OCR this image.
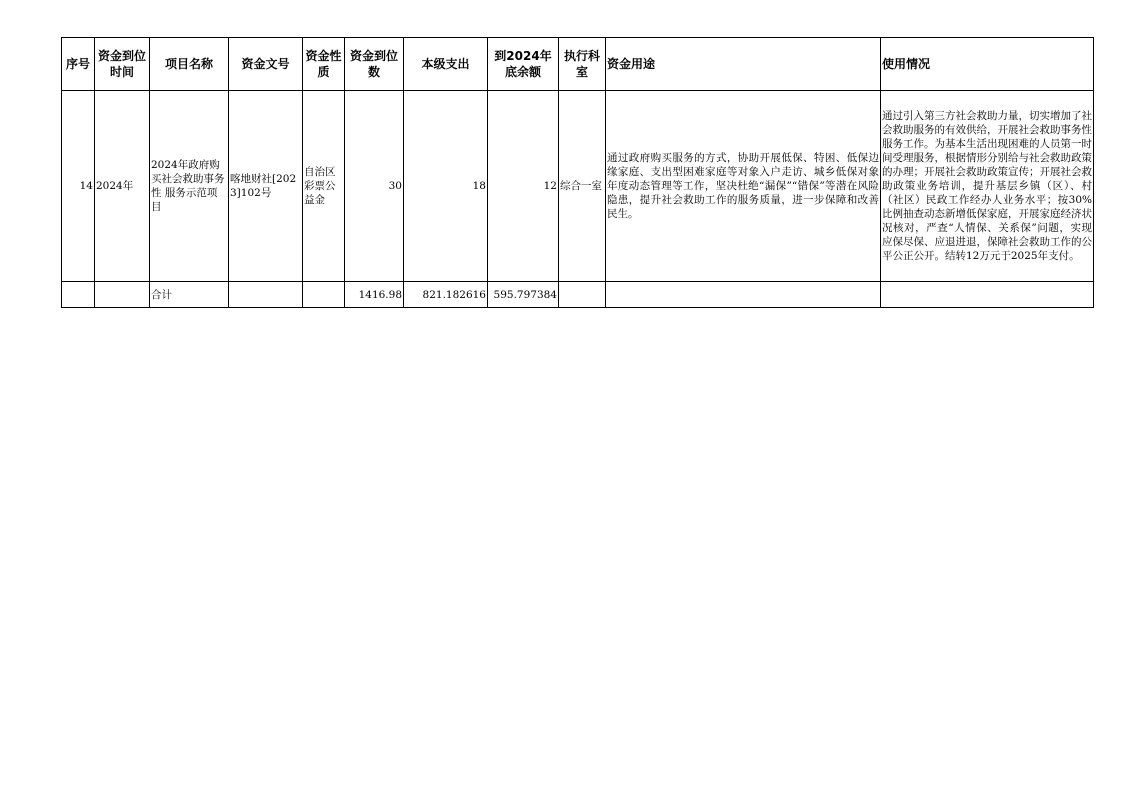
序号	资金到位时间	项目名称	资金文号	资金性质	资金到位数	本级支出	到2024年底余额	执行科室	资金用途	使用情况
14	2024年	2024年政府购买社会救助事务性 服务示范项目	喀地财社[2023]102号	自治区彩票公益金	30	18	12	综合一室	通过政府购买服务的方式，协助开展低保、特困、低保边缘家庭、支出型困难家庭等对象入户走访、城乡低保对象年度动态管理等工作，坚决杜绝“漏保”“错保”等潜在风险隐患，提升社会救助工作的服务质量，进一步保障和改善民生。	通过引入第三方社会救助力量，切实增加了社会救助服务的有效供给，开展社会救助事务性服务工作。为基本生活出现困难的人员第一时间受理服务，根据情形分别给与社会救助政策的办理；开展社会救助政策宣传；开展社会救助政策业务培训，提升基层乡镇（区）、村（社区）民政工作经办人业务水平；按30%比例抽查动态新增低保家庭，开展家庭经济状况核对，严查“人情保、关系保”问题，实现应保尽保、应退进退，保障社会救助工作的公平公正公开。结转12万元于2025年支付。
		合计			1416.98	821.182616	595.797384			
